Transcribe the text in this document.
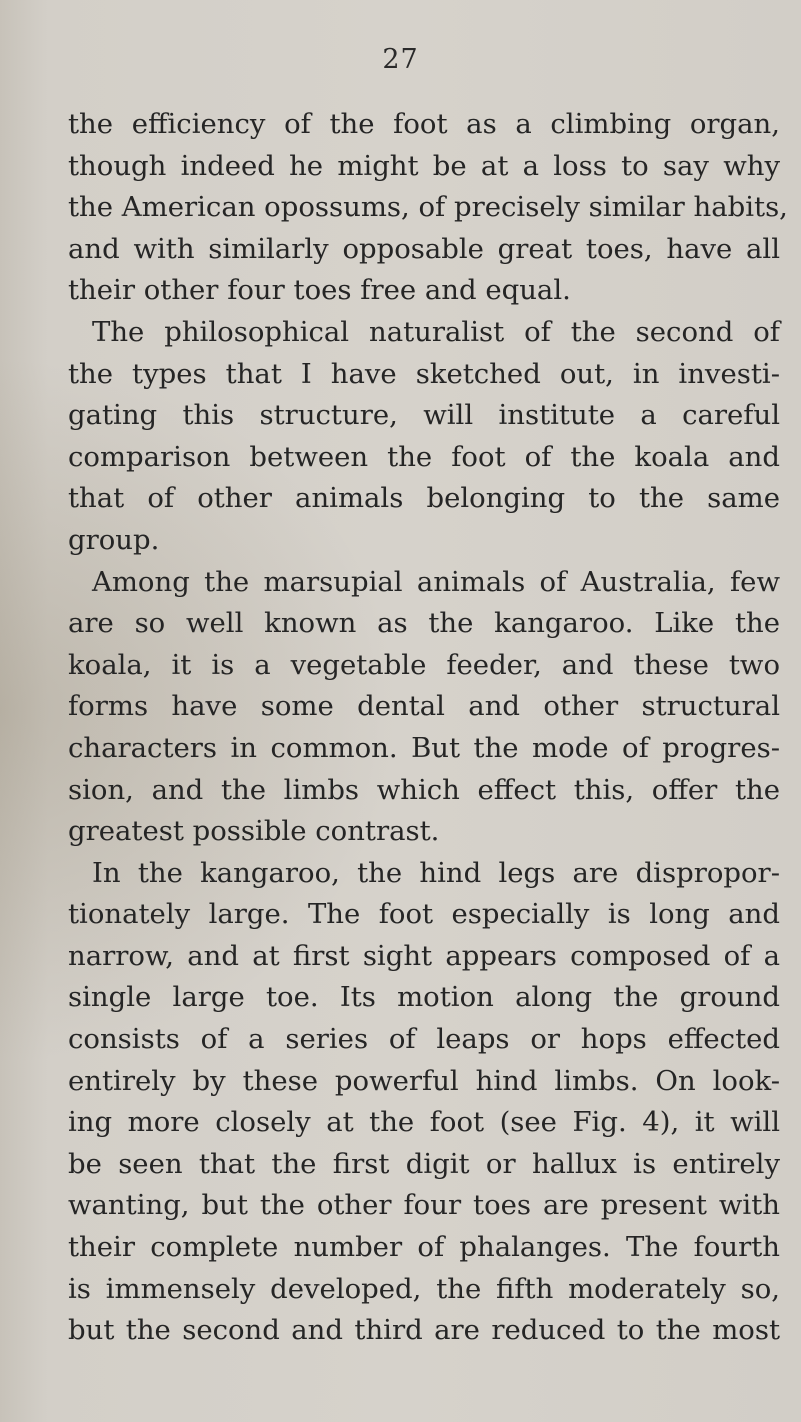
27
the efficiency of the foot as a climbing organ,
though indeed he might be at a loss to say why
the American opossums, of precisely similar habits,
and with similarly opposable great toes, have all
their other four toes free and equal.
The philosophical naturalist of the second of
the types that I have sketched out, in investi-
gating this structure, will institute a careful
comparison between the foot of the koala and
that of other animals belonging to the same
group.
Among the marsupial animals of Australia, few
are so well known as the kangaroo. Like the
koala, it is a vegetable feeder, and these two
forms have some dental and other structural
characters in common. But the mode of progres-
sion, and the limbs which effect this, offer the
greatest possible contrast.
In the kangaroo, the hind legs are dispropor-
tionately large. The foot especially is long and
narrow, and at first sight appears composed of a
single large toe. Its motion along the ground
consists of a series of leaps or hops effected
entirely by these powerful hind limbs. On look-
ing more closely at the foot (see Fig. 4), it will
be seen that the first digit or hallux is entirely
wanting, but the other four toes are present with
their complete number of phalanges. The fourth
is immensely developed, the fifth moderately so,
but the second and third are reduced to the most
